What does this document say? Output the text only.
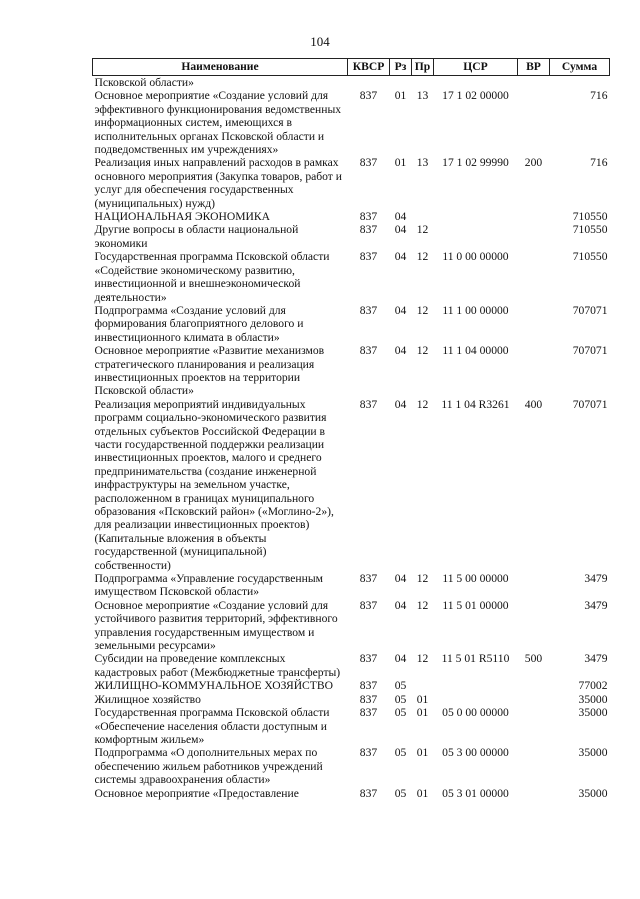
104
Наименование	КВСР	Рз	Пр	ЦСР	ВР	Сумма
Псковской области»						
Основное мероприятие «Создание условий для эффективного функционирования ведомственных информационных систем, имеющихся в исполнительных органах Псковской области и подведомственных им учреждениях»	837	01	13	17 1 02 00000		716
Реализация иных направлений расходов в рамках основного мероприятия (Закупка товаров, работ и услуг для обеспечения государственных (муниципальных) нужд)	837	01	13	17 1 02 99990	200	716
НАЦИОНАЛЬНАЯ ЭКОНОМИКА	837	04				710550
Другие вопросы в области национальной экономики	837	04	12			710550
Государственная программа Псковской области «Содействие экономическому развитию, инвестиционной и внешнеэкономической деятельности»	837	04	12	11 0 00 00000		710550
Подпрограмма «Создание условий для формирования благоприятного делового и инвестиционного климата в области»	837	04	12	11 1 00 00000		707071
Основное мероприятие «Развитие механизмов стратегического планирования и реализация инвестиционных проектов на территории Псковской области»	837	04	12	11 1 04 00000		707071
Реализация мероприятий индивидуальных программ социально-экономического развития отдельных субъектов Российской Федерации в части государственной поддержки реализации инвестиционных проектов, малого и среднего предпринимательства (создание инженерной инфраструктуры на земельном участке, расположенном в границах муниципального образования «Псковский район» («Моглино-2»), для реализации инвестиционных проектов) (Капитальные вложения в объекты государственной (муниципальной) собственности)	837	04	12	11 1 04 R3261	400	707071
Подпрограмма «Управление государственным имуществом Псковской области»	837	04	12	11 5 00 00000		3479
Основное мероприятие «Создание условий для устойчивого развития территорий, эффективного управления государственным имуществом и земельными ресурсами»	837	04	12	11 5 01 00000		3479
Субсидии на проведение комплексных кадастровых работ (Межбюджетные трансферты)	837	04	12	11 5 01 R5110	500	3479
ЖИЛИЩНО-КОММУНАЛЬНОЕ ХОЗЯЙСТВО	837	05				77002
Жилищное хозяйство	837	05	01			35000
Государственная программа Псковской области «Обеспечение населения области доступным и комфортным жильем»	837	05	01	05 0 00 00000		35000
Подпрограмма «О дополнительных мерах по обеспечению жильем работников учреждений системы здравоохранения области»	837	05	01	05 3 00 00000		35000
Основное мероприятие «Предоставление	837	05	01	05 3 01 00000		35000
